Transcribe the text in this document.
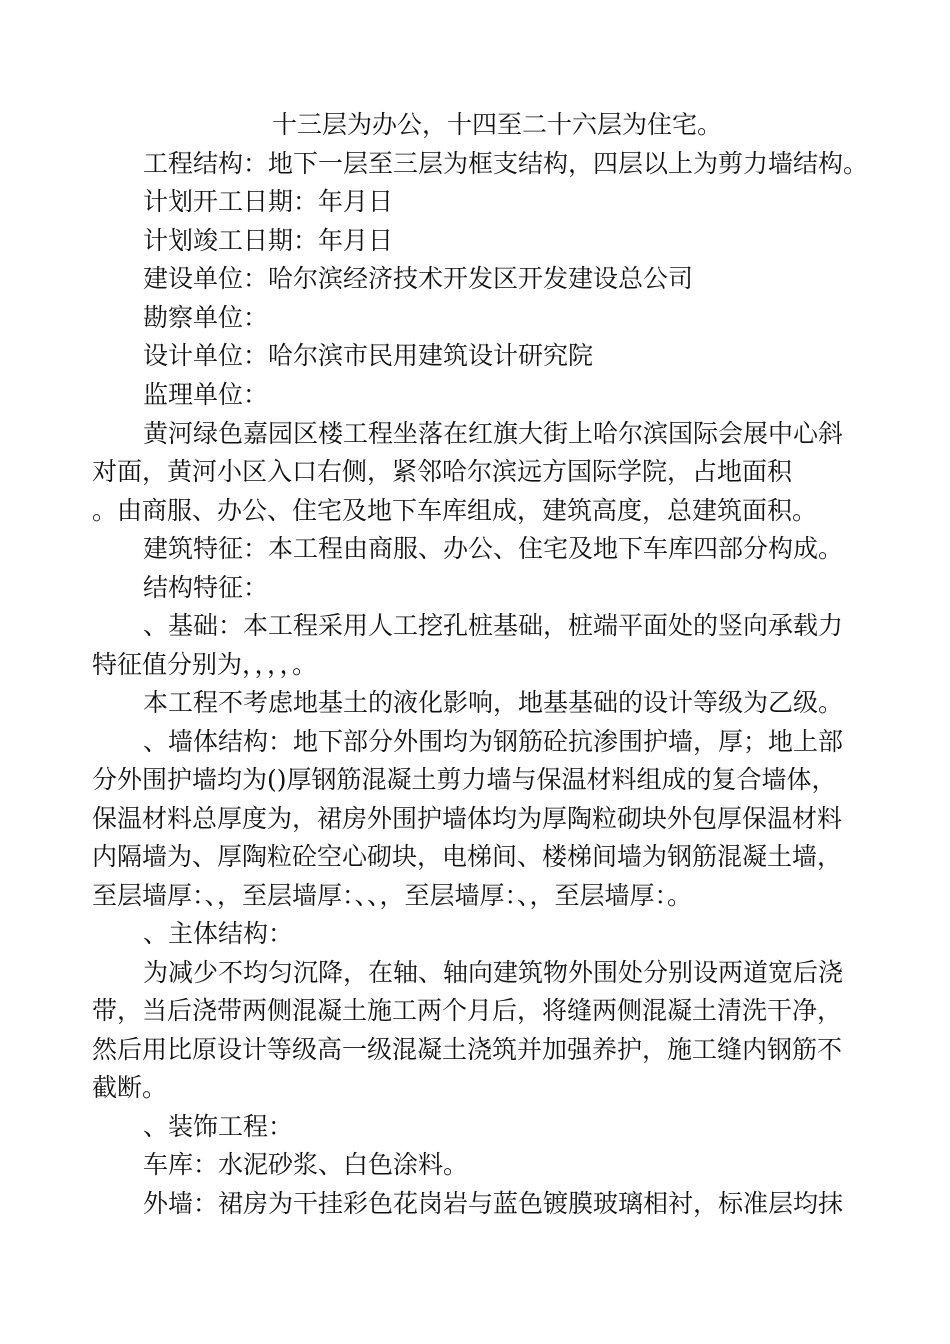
十三层为办公，十四至二十六层为住宅。

工程结构：地下一层至三层为框支结构，四层以上为剪力墙结构。

计划开工日期：年月日

计划竣工日期：年月日

建设单位：哈尔滨经济技术开发区开发建设总公司

勘察单位：

设计单位：哈尔滨市民用建筑设计研究院

监理单位：

黄河绿色嘉园区楼工程坐落在红旗大街上哈尔滨国际会展中心斜

对面，黄河小区入口右侧，紧邻哈尔滨远方国际学院，占地面积

。由商服、办公、住宅及地下车库组成，建筑高度，总建筑面积。

建筑特征：本工程由商服、办公、住宅及地下车库四部分构成。

结构特征：

、基础：本工程采用人工挖孔桩基础，桩端平面处的竖向承载力

特征值分别为，，，，。

本工程不考虑地基土的液化影响，地基基础的设计等级为乙级。

、墙体结构：地下部分外围均为钢筋砼抗渗围护墙，厚；地上部

分外围护墙均为()厚钢筋混凝土剪力墙与保温材料组成的复合墙体，

保温材料总厚度为，裙房外围护墙体均为厚陶粒砌块外包厚保温材料

内隔墙为、厚陶粒砼空心砌块，电梯间、楼梯间墙为钢筋混凝土墙，

至层墙厚：、，至层墙厚：、、，至层墙厚：、，至层墙厚：。

、主体结构：

为减少不均匀沉降，在轴、轴向建筑物外围处分别设两道宽后浇

带，当后浇带两侧混凝土施工两个月后，将缝两侧混凝土清洗干净，

然后用比原设计等级高一级混凝土浇筑并加强养护，施工缝内钢筋不

截断。

、装饰工程：

车库：水泥砂浆、白色涂料。

外墙：裙房为干挂彩色花岗岩与蓝色镀膜玻璃相衬，标准层均抹
